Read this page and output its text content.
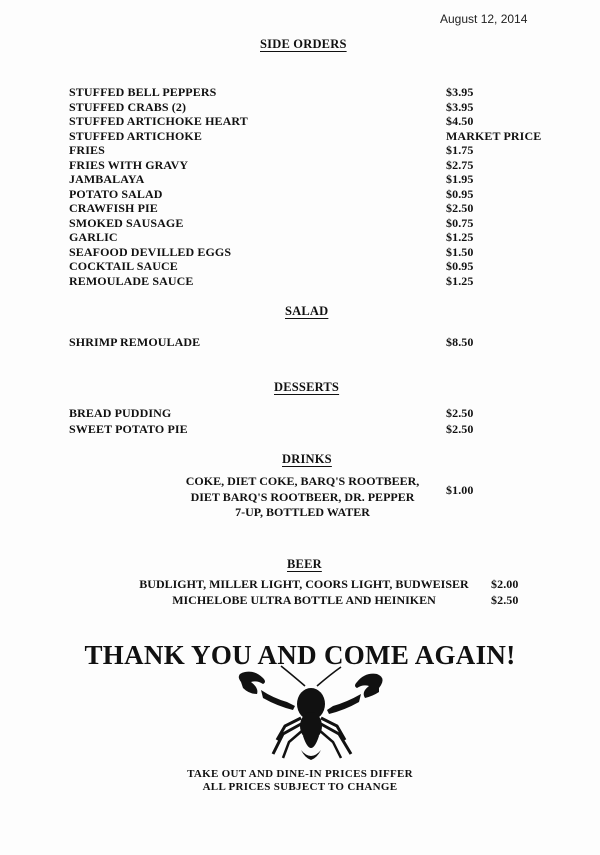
August 12, 2014
SIDE ORDERS
STUFFED BELL PEPPERS	$3.95
STUFFED CRABS (2)	$3.95
STUFFED ARTICHOKE HEART	$4.50
STUFFED ARTICHOKE	MARKET PRICE
FRIES	$1.75
FRIES WITH GRAVY	$2.75
JAMBALAYA	$1.95
POTATO SALAD	$0.95
CRAWFISH PIE	$2.50
SMOKED SAUSAGE	$0.75
GARLIC	$1.25
SEAFOOD DEVILLED EGGS	$1.50
COCKTAIL SAUCE	$0.95
REMOULADE SAUCE	$1.25
SALAD
SHRIMP REMOULADE	$8.50
DESSERTS
BREAD PUDDING	$2.50
SWEET POTATO PIE	$2.50
DRINKS
COKE, DIET COKE, BARQ'S ROOTBEER,
DIET BARQ'S ROOTBEER, DR. PEPPER
7-UP, BOTTLED WATER
$1.00
BEER
BUDLIGHT, MILLER LIGHT, COORS LIGHT, BUDWEISER	$2.00
MICHELOBE ULTRA BOTTLE AND HEINIKEN	$2.50
THANK YOU AND COME AGAIN!
TAKE OUT AND DINE-IN PRICES DIFFER
ALL PRICES SUBJECT TO CHANGE
